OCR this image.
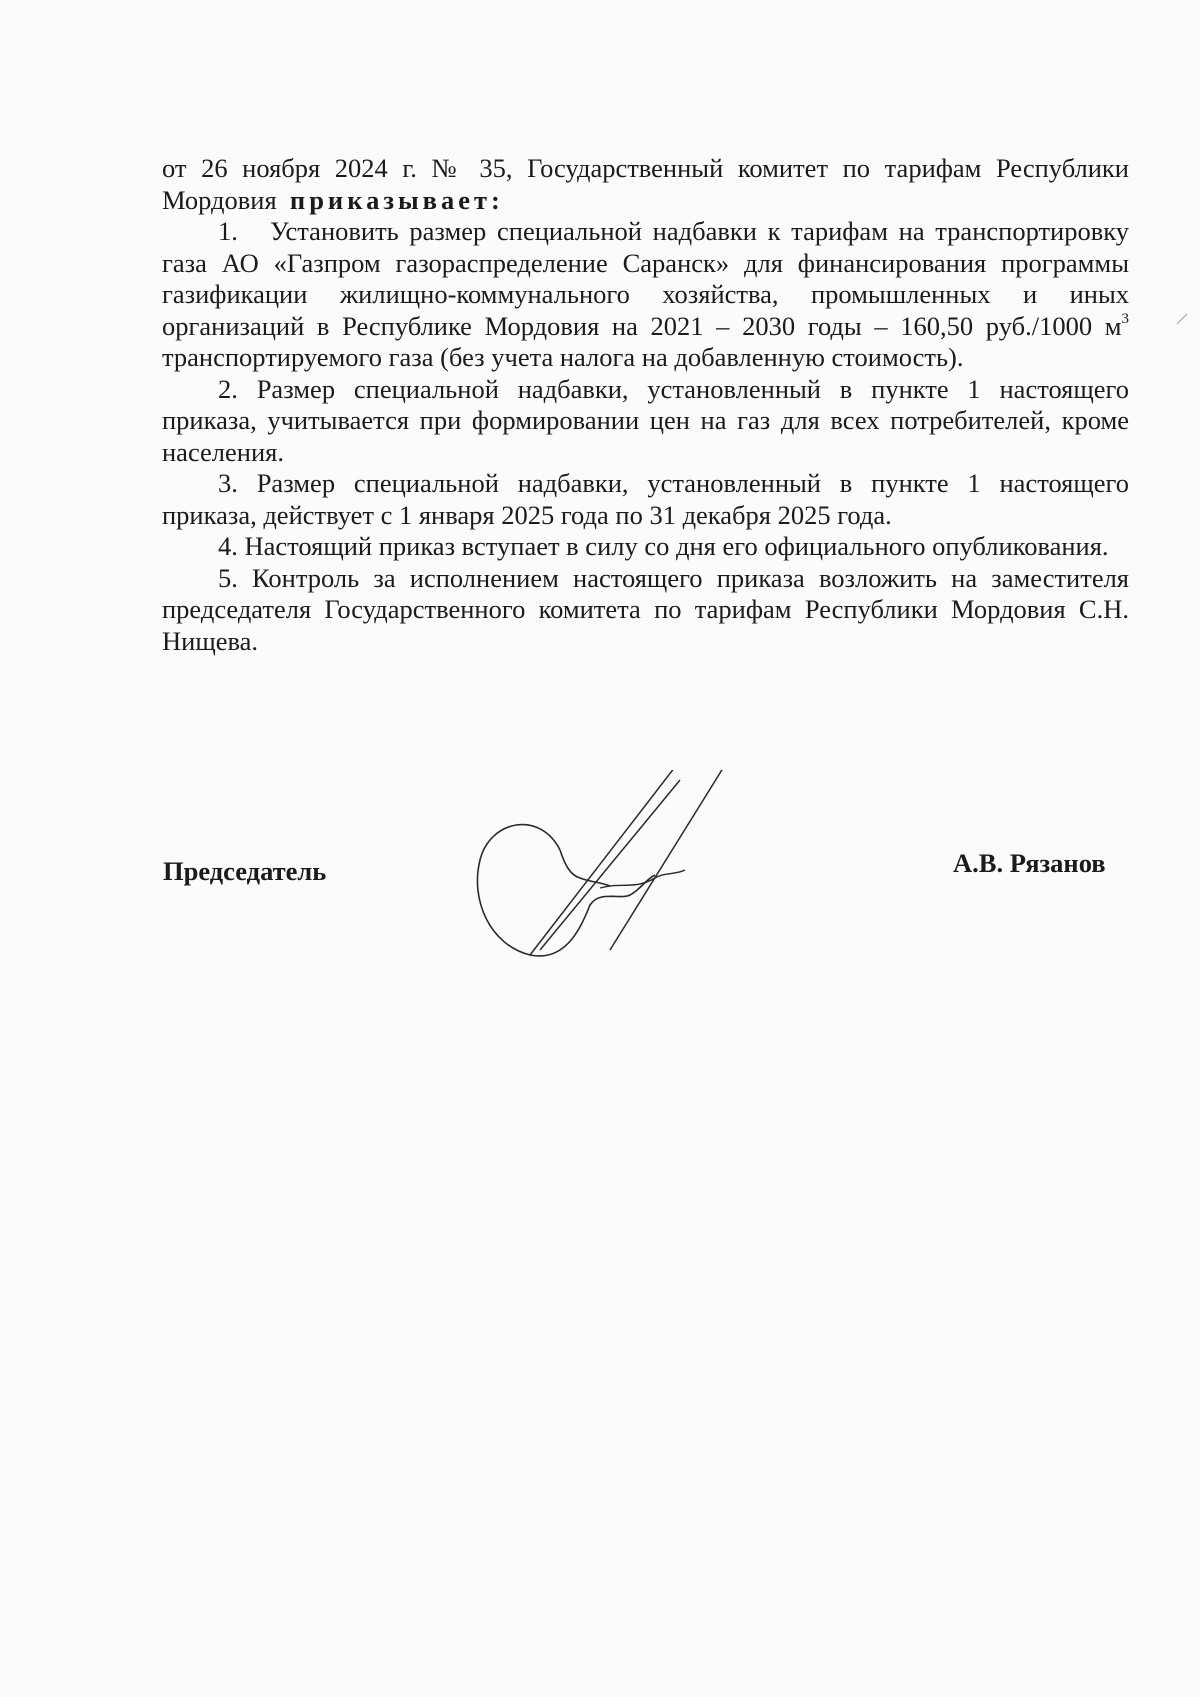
от 26 ноября 2024 г. № 35, Государственный комитет по тарифам Республики Мордовия приказывает:

1. Установить размер специальной надбавки к тарифам на транспортировку газа АО «Газпром газораспределение Саранск» для финансирования программы газификации жилищно-коммунального хозяйства, промышленных и иных организаций в Республике Мордовия на 2021 – 2030 годы – 160,50 руб./1000 $м^3$ транспортируемого газа (без учета налога на добавленную стоимость).

2. Размер специальной надбавки, установленный в пункте 1 настоящего приказа, учитывается при формировании цен на газ для всех потребителей, кроме населения.

3. Размер специальной надбавки, установленный в пункте 1 настоящего приказа, действует с 1 января 2025 года по 31 декабря 2025 года.

4. Настоящий приказ вступает в силу со дня его официального опубликования.

5. Контроль за исполнением настоящего приказа возложить на заместителя председателя Государственного комитета по тарифам Республики Мордовия С.Н. Нищева.

Председатель	А.В. Рязанов
